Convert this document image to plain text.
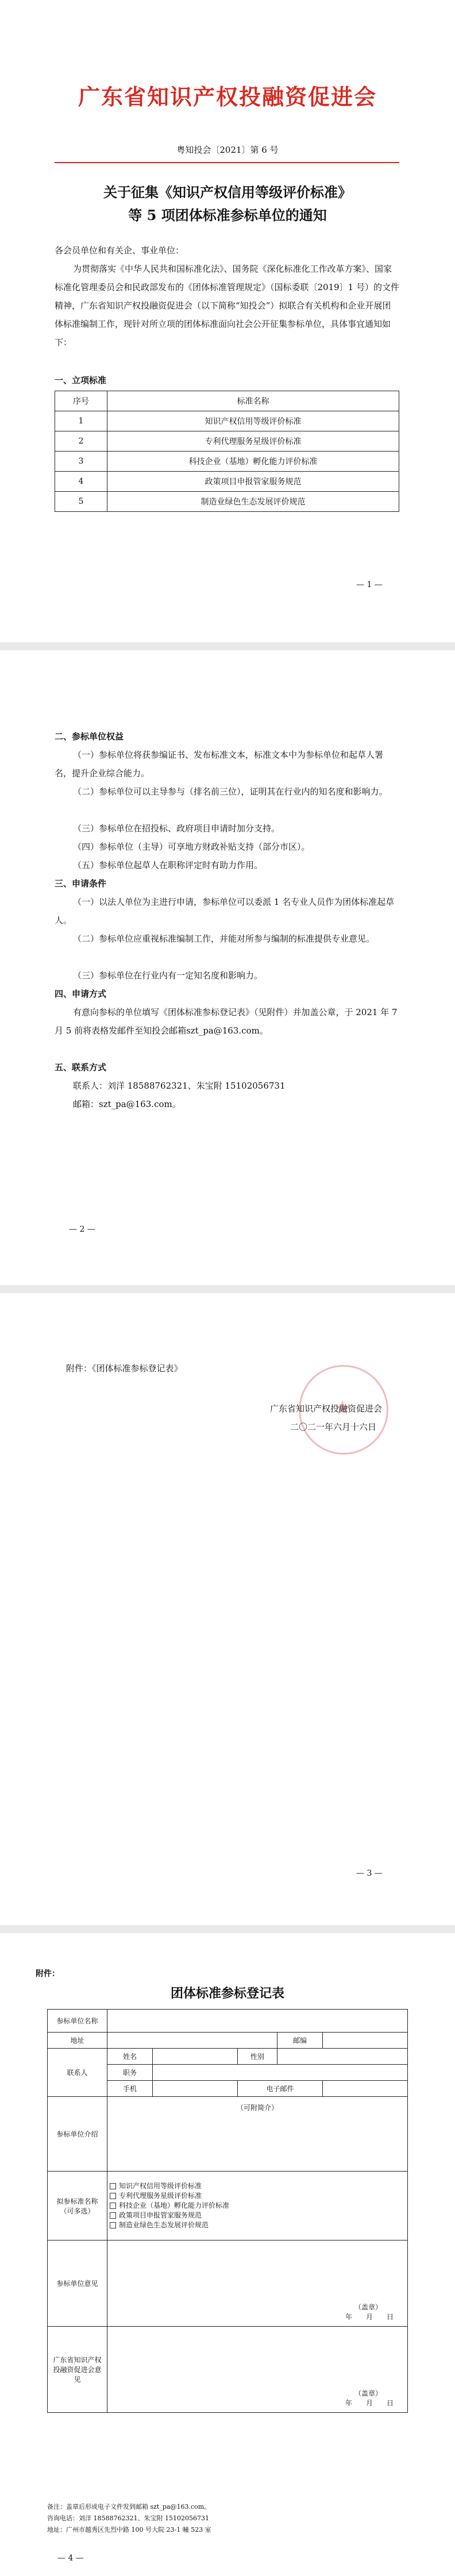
广东省知识产权投融资促进会
粤知投会〔2021〕第 6 号
关于征集《知识产权信用等级评价标准》
等 5 项团体标准参标单位的通知
各会员单位和有关企、事业单位：
为贯彻落实《中华人民共和国标准化法》、国务院《深化标准化工作改革方案》、国家标准化管理委员会和民政部发布的《团体标准管理规定》（国标委联〔2019〕1 号）的文件精神，广东省知识产权投融资促进会（以下简称“知投会”）拟联合有关机构和企业开展团体标准编制工作，现针对所立项的团体标准面向社会公开征集参标单位，具体事宜通知如下：
一、立项标准
序号	标准名称
1	知识产权信用等级评价标准
2	专利代理服务星级评价标准
3	科技企业（基地）孵化能力评价标准
4	政策项目申报管家服务规范
5	制造业绿色生态发展评价规范
— 1 —
二、参标单位权益
（一）参标单位将获参编证书、发布标准文本，标准文本中为参标单位和起草人署名，提升企业综合能力。
（二）参标单位可以主导参与（排名前三位），证明其在行业内的知名度和影响力。
（三）参标单位在招投标、政府项目申请时加分支持。
（四）参标单位（主导）可享地方财政补贴支持（部分市区）。
（五）参标单位起草人在职称评定时有助力作用。
三、申请条件
（一）以法人单位为主进行申请，参标单位可以委派 1 名专业人员作为团体标准起草人。
（二）参标单位应重视标准编制工作，并能对所参与编制的标准提供专业意见。
（三）参标单位在行业内有一定知名度和影响力。
四、申请方式
有意向参标的单位填写《团体标准参标登记表》（见附件）并加盖公章，于 2021 年 7 月 5 前将表格发邮件至知投会邮箱szt_pa@163.com。
五、联系方式
联系人：刘洋 18588762321、朱宝附 15102056731
邮箱：szt_pa@163.com。
— 2 —
附件：《团体标准参标登记表》
★
广东省知识产权投融资促进会
二〇二一年六月十六日
— 3 —
附件：
团体标准参标登记表
参标单位名称					
地址				邮编	
联系人	姓名		性别		
	职务				
	手机		电子邮件		
参标单位介绍	（可附简介）				
拟参标准名称（可多选）	知识产权信用等级评价标准
专利代理服务星级评价标准
科技企业（基地）孵化能力评价标准
政策项目申报管家服务规范
制造业绿色生态发展评价规范				

参标单位意见	（盖章）
年　　月　　日				

广东省知识产权投融资促进会意见	（盖章）
年　　月　　日				
备注：盖章后形成电子文件发到邮箱 szt_pa@163.com。
咨询电话：刘洋 18588762321、朱宝附 15102056731
地址：广州市越秀区先烈中路 100 号大院 23-1 幢 523 室
— 4 —
